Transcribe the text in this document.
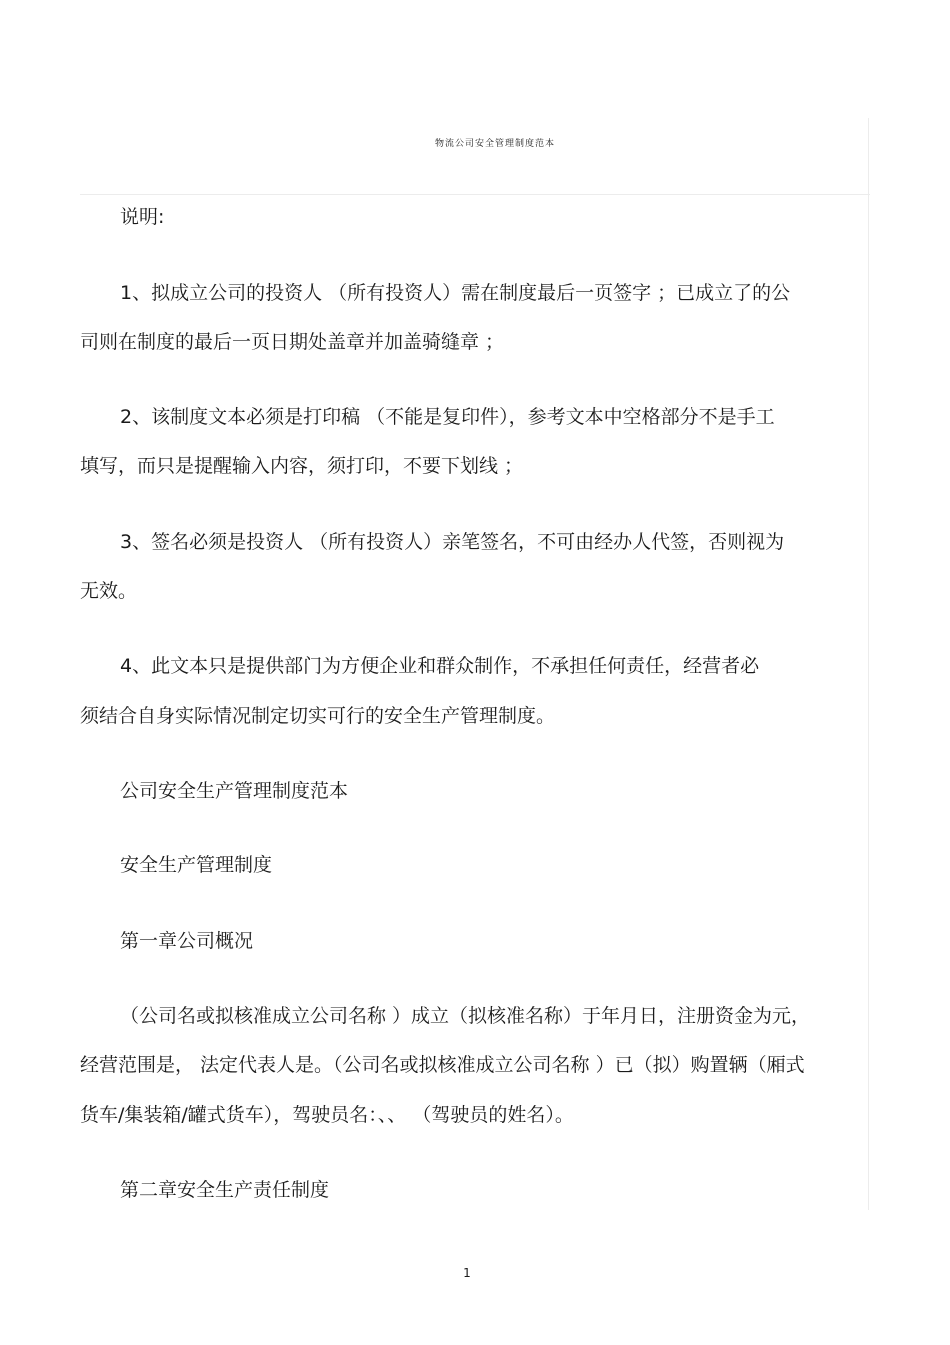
物流公司安全管理制度范本
说明:
1、拟成立公司的投资人 （所有投资人）需在制度最后一页签字 ；已成立了的公
司则在制度的最后一页日期处盖章并加盖骑缝章 ；
2、该制度文本必须是打印稿 （不能是复印件），参考文本中空格部分不是手工
填写，而只是提醒输入内容，须打印，不要下划线 ；
3、签名必须是投资人 （所有投资人）亲笔签名，不可由经办人代签，否则视为
无效。
4、此文本只是提供部门为方便企业和群众制作，不承担任何责任，经营者必
须结合自身实际情况制定切实可行的安全生产管理制度。
公司安全生产管理制度范本
安全生产管理制度
第一章公司概况
（公司名或拟核准成立公司名称 ）成立（拟核准名称）于年月日，注册资金为元，
经营范围是， 法定代表人是。（公司名或拟核准成立公司名称 ）已（拟）购置辆（厢式
货车/集装箱/罐式货车），驾驶员名：、、 （驾驶员的姓名）。
第二章安全生产责任制度
1
